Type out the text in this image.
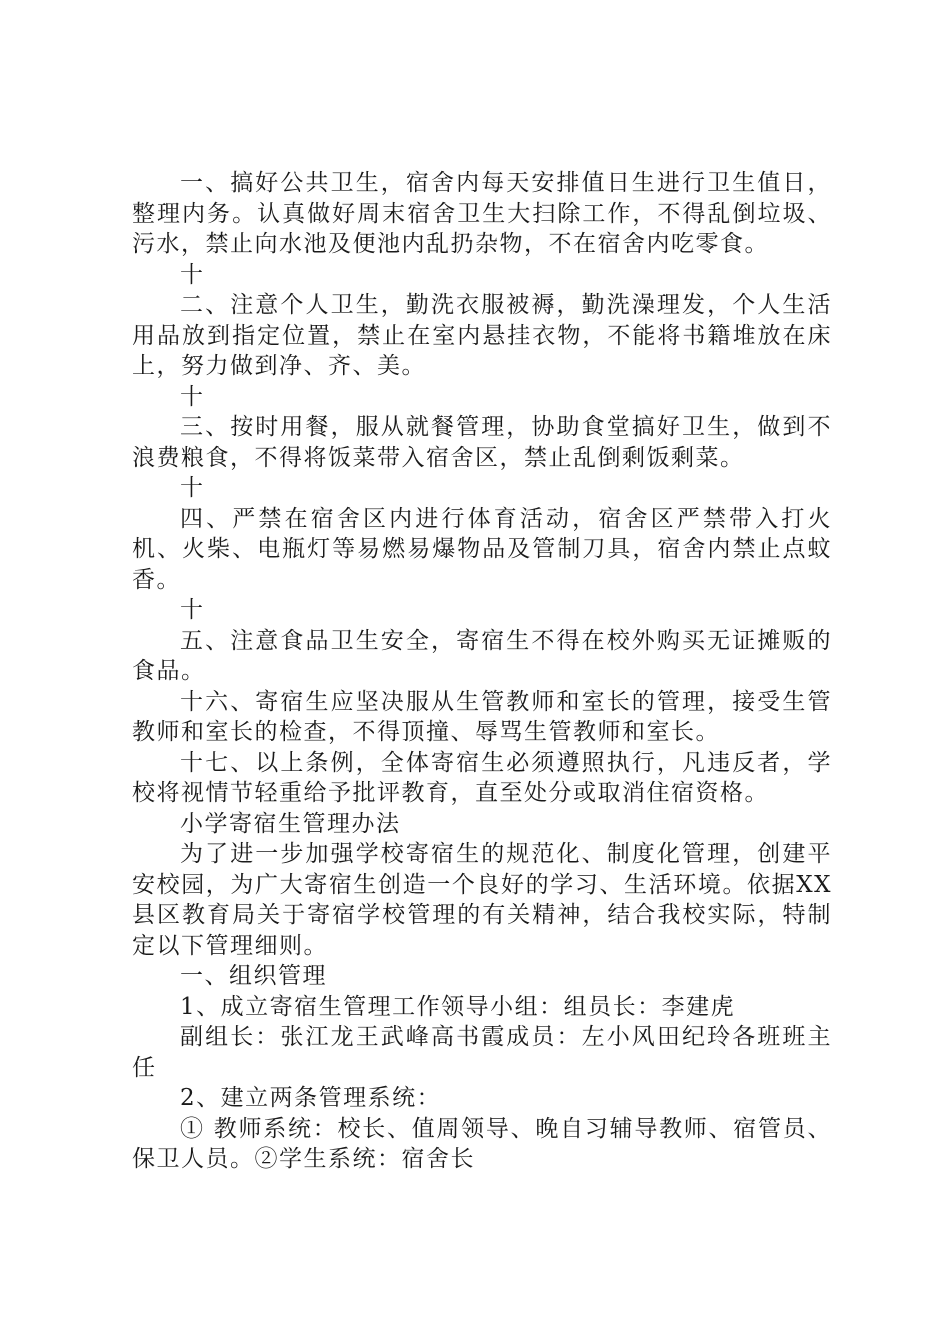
一、搞好公共卫生，宿舍内每天安排值日生进行卫生值日，整理内务。认真做好周末宿舍卫生大扫除工作，不得乱倒垃圾、污水，禁止向水池及便池内乱扔杂物，不在宿舍内吃零食。

十

二、注意个人卫生，勤洗衣服被褥，勤洗澡理发，个人生活用品放到指定位置，禁止在室内悬挂衣物，不能将书籍堆放在床上，努力做到净、齐、美。

十

三、按时用餐，服从就餐管理，协助食堂搞好卫生，做到不浪费粮食，不得将饭菜带入宿舍区，禁止乱倒剩饭剩菜。

十

四、严禁在宿舍区内进行体育活动，宿舍区严禁带入打火机、火柴、电瓶灯等易燃易爆物品及管制刀具，宿舍内禁止点蚊香。

十

五、注意食品卫生安全，寄宿生不得在校外购买无证摊贩的食品。

十六、寄宿生应坚决服从生管教师和室长的管理，接受生管教师和室长的检查，不得顶撞、辱骂生管教师和室长。

十七、以上条例，全体寄宿生必须遵照执行，凡违反者，学校将视情节轻重给予批评教育，直至处分或取消住宿资格。

小学寄宿生管理办法

为了进一步加强学校寄宿生的规范化、制度化管理，创建平安校园，为广大寄宿生创造一个良好的学习、生活环境。依据XX县区教育局关于寄宿学校管理的有关精神，结合我校实际，特制定以下管理细则。

一、组织管理

1、成立寄宿生管理工作领导小组：组员长：李建虎

副组长：张江龙王武峰高书霞成员：左小风田纪玲各班班主任

2、建立两条管理系统：

① 教师系统：校长、值周领导、晚自习辅导教师、宿管员、保卫人员。②学生系统：宿舍长
